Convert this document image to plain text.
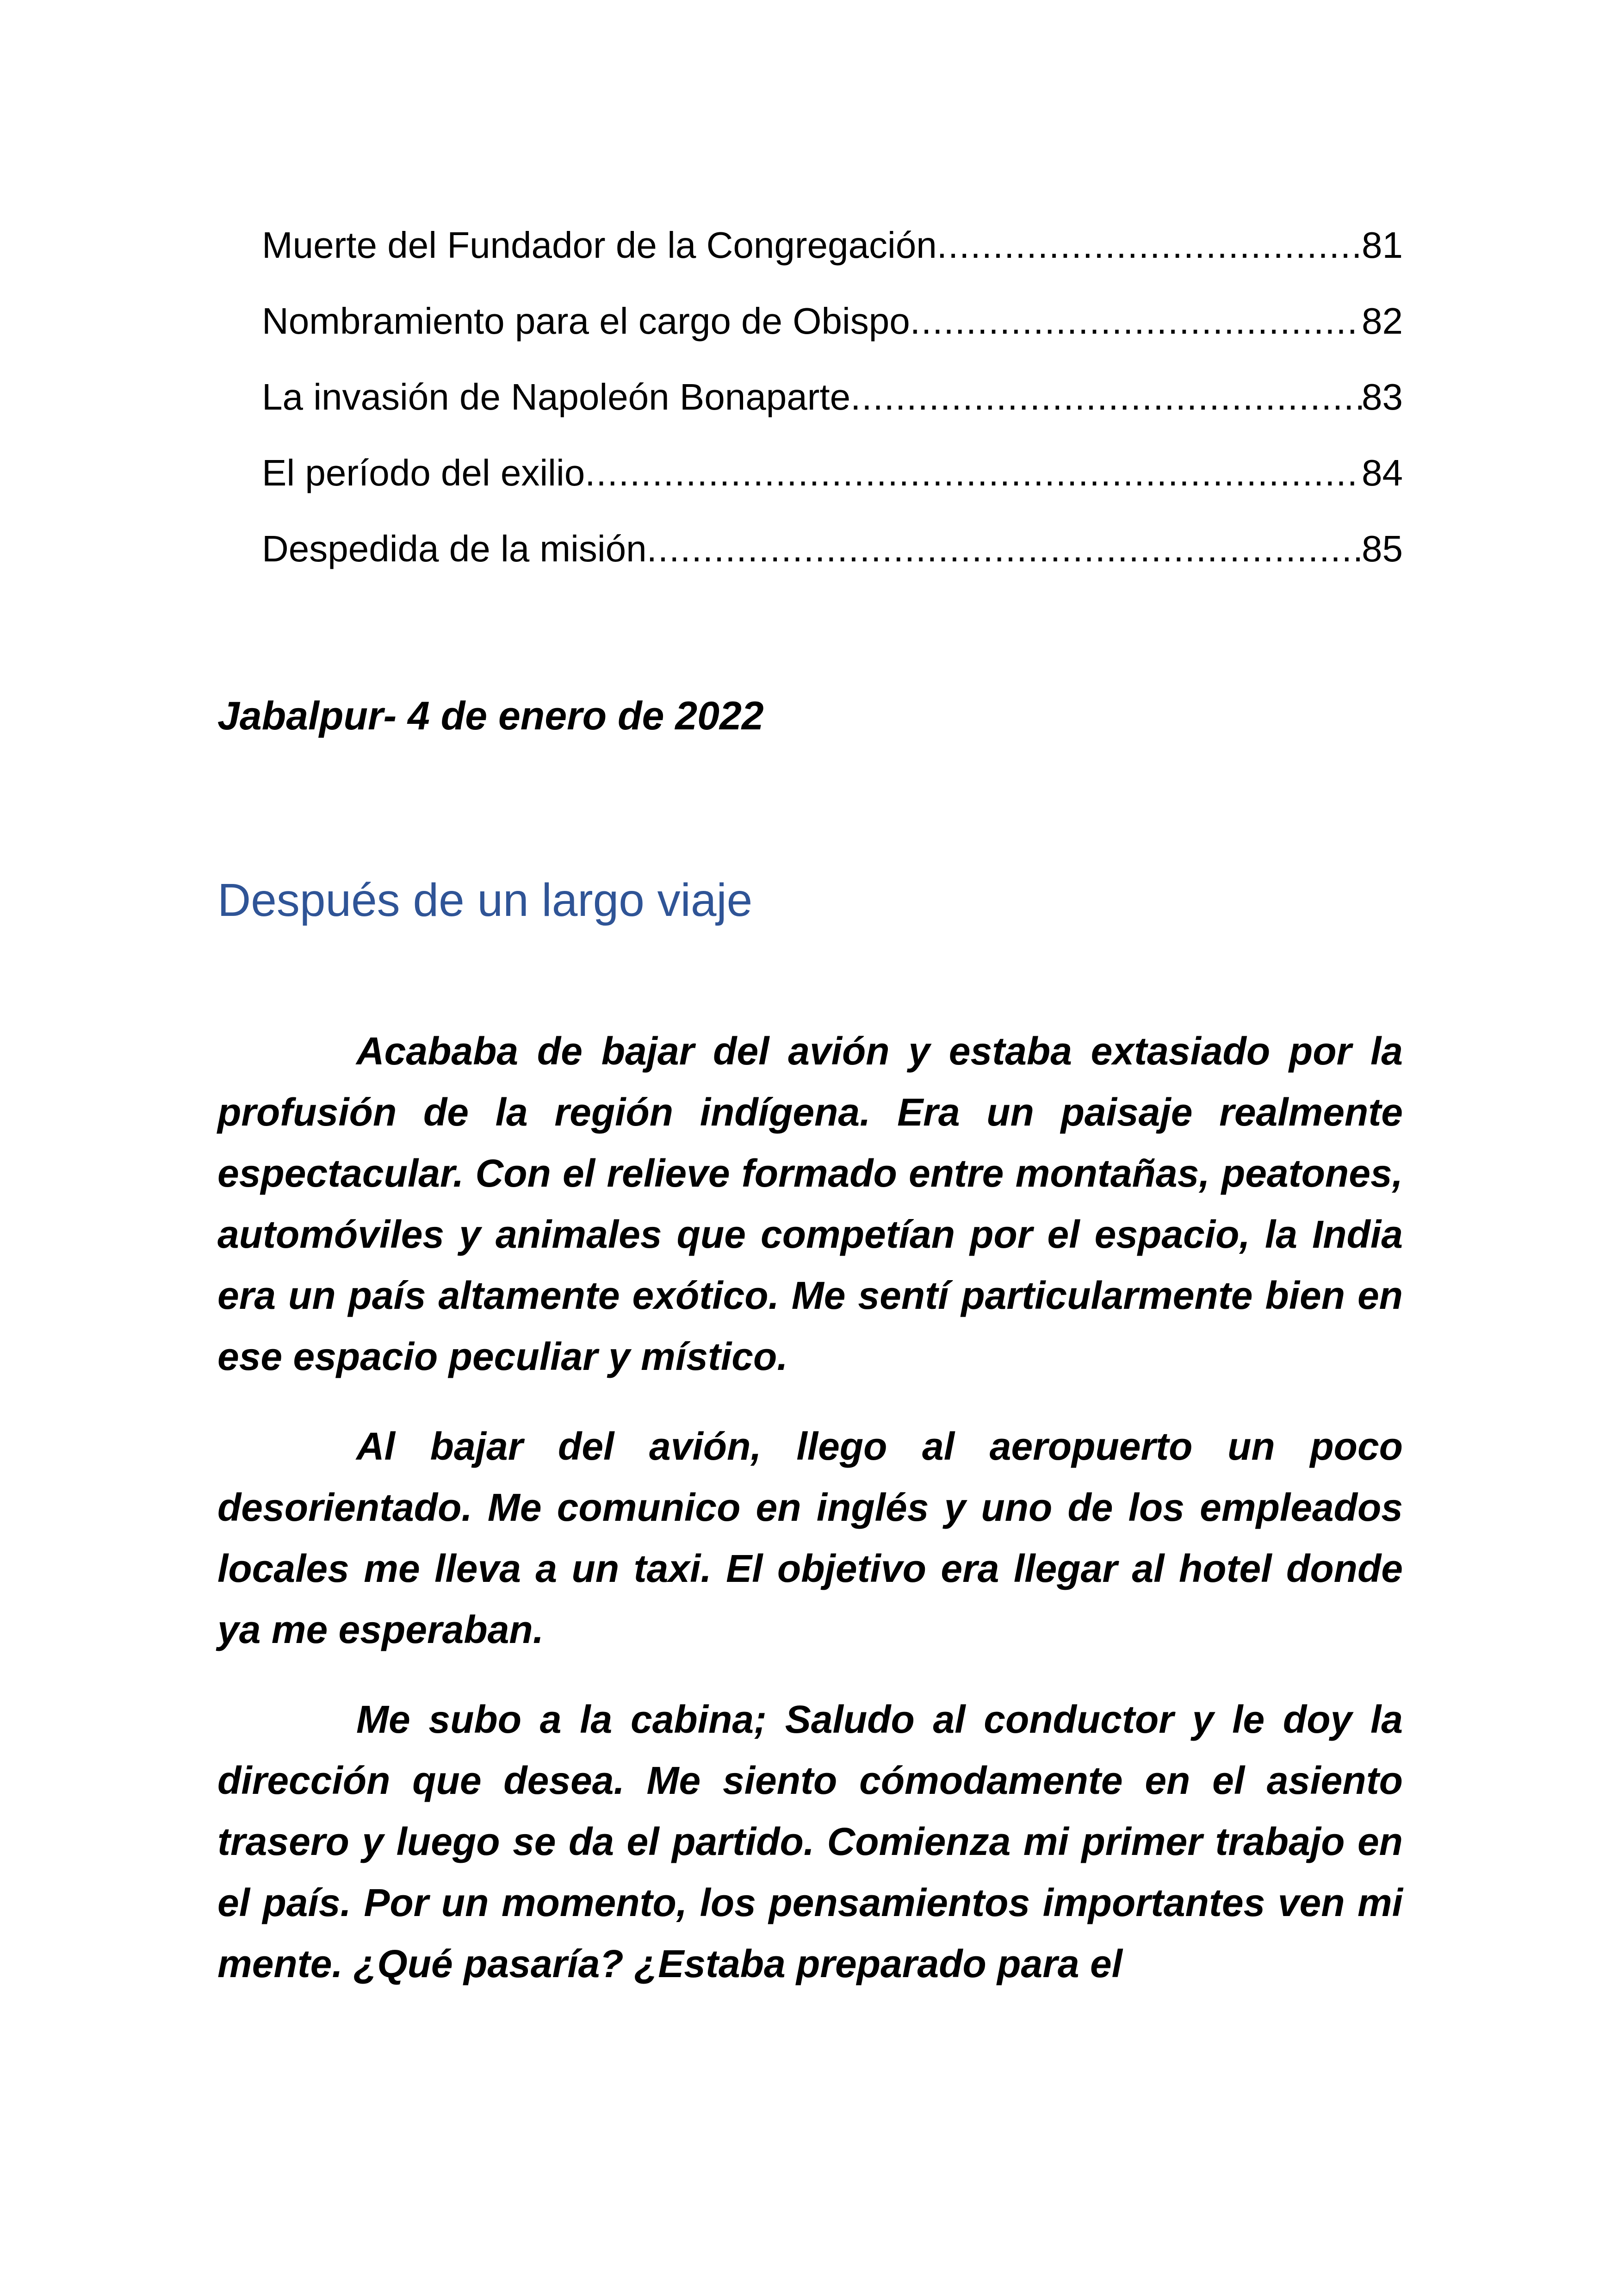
Muerte del Fundador de la Congregación .....	81
Nombramiento para el cargo de Obispo .....	82
La invasión de Napoleón Bonaparte .....	83
El período del exilio .....	84
Despedida de la misión .....	85

Jabalpur- 4 de enero de 2022

Después de un largo viaje

Acababa de bajar del avión y estaba extasiado por la profusión de la región indígena. Era un paisaje realmente espectacular. Con el relieve formado entre montañas, peatones, automóviles y animales que competían por el espacio, la India era un país altamente exótico. Me sentí particularmente bien en ese espacio peculiar y místico.

Al bajar del avión, llego al aeropuerto un poco desorientado. Me comunico en inglés y uno de los empleados locales me lleva a un taxi. El objetivo era llegar al hotel donde ya me esperaban.

Me subo a la cabina; Saludo al conductor y le doy la dirección que desea. Me siento cómodamente en el asiento trasero y luego se da el partido. Comienza mi primer trabajo en el país. Por un momento, los pensamientos importantes ven mi mente. ¿Qué pasaría? ¿Estaba preparado para el
